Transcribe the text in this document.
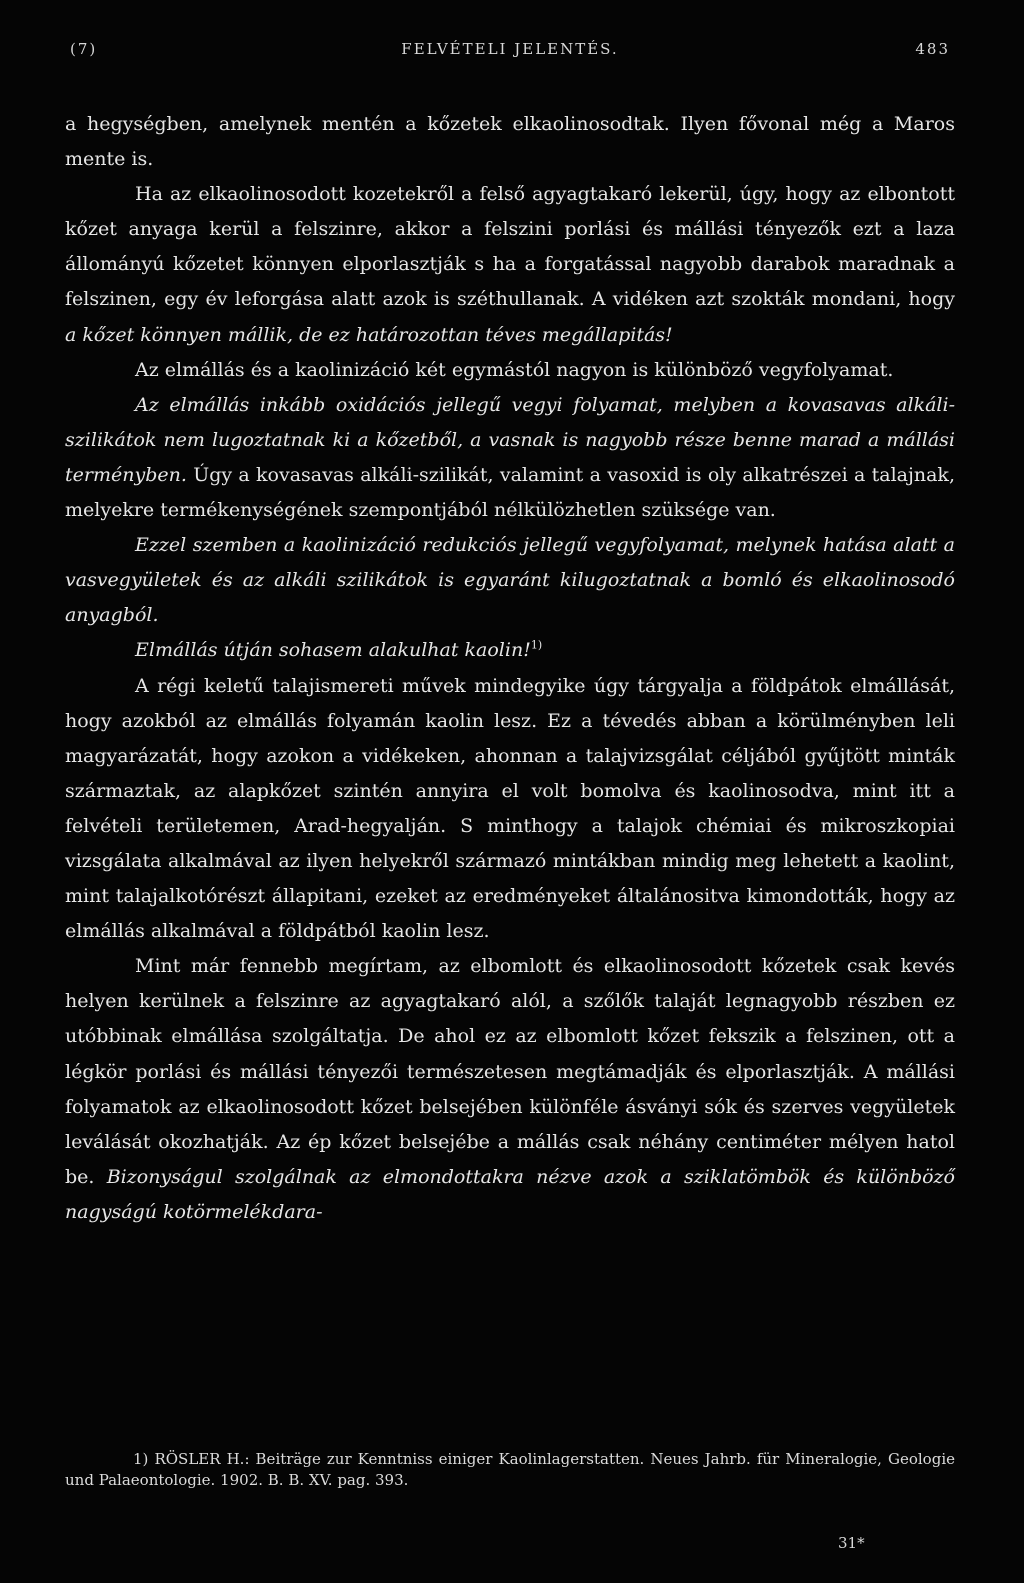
(7)	FELVÉTELI JELENTÉS.	483

a hegységben, amelynek mentén a kőzetek elkaolinosodtak. Ilyen fővonal még a Maros mente is.

Ha az elkaolinosodott kozetekről a felső agyagtakaró lekerül, úgy, hogy az elbontott kőzet anyaga kerül a felszinre, akkor a felszini porlási és mállási tényezők ezt a laza állományú kőzetet könnyen elporlasztják s ha a forgatással nagyobb darabok maradnak a felszinen, egy év leforgása alatt azok is széthullanak. A vidéken azt szokták mondani, hogy a kőzet könnyen mállik, de ez határozottan téves megállapitás!

Az elmállás és a kaolinizáció két egymástól nagyon is különböző vegyfolyamat.

Az elmállás inkább oxidációs jellegű vegyi folyamat, melyben a kovasavas alkáli-szilikátok nem lugoztatnak ki a kőzetből, a vasnak is nagyobb része benne marad a mállási terményben. Úgy a kovasavas alkáli-szilikát, valamint a vasoxid is oly alkatrészei a talajnak, melyekre termékenységének szempontjából nélkülözhetlen szüksége van.

Ezzel szemben a kaolinizáció redukciós jellegű vegyfolyamat, melynek hatása alatt a vasvegyületek és az alkáli szilikátok is egyaránt kilugoztatnak a bomló és elkaolinosodó anyagból.

Elmállás útján sohasem alakulhat kaolin!$^{1)}$

A régi keletű talajismereti művek mindegyike úgy tárgyalja a földpátok elmállását, hogy azokból az elmállás folyamán kaolin lesz. Ez a tévedés abban a körülményben leli magyarázatát, hogy azokon a vidékeken, ahonnan a talajvizsgálat céljából gyűjtött minták származtak, az alapkőzet szintén annyira el volt bomolva és kaolinosodva, mint itt a felvételi területemen, Arad-hegyalján. S minthogy a talajok chémiai és mikroszkopiai vizsgálata alkalmával az ilyen helyekről származó mintákban mindig meg lehetett a kaolint, mint talajalkotórészt állapitani, ezeket az eredményeket általánositva kimondották, hogy az elmállás alkalmával a földpátból kaolin lesz.

Mint már fennebb megírtam, az elbomlott és elkaolinosodott kőzetek csak kevés helyen kerülnek a felszinre az agyagtakaró alól, a szőlők talaját legnagyobb részben ez utóbbinak elmállása szolgáltatja. De ahol ez az elbomlott kőzet fekszik a felszinen, ott a légkör porlási és mállási tényezői természetesen megtámadják és elporlasztják. A mállási folyamatok az elkaolinosodott kőzet belsejében különféle ásványi sók és szerves vegyületek leválását okozhatják. Az ép kőzet belsejébe a mállás csak néhány centiméter mélyen hatol be. Bizonyságul szolgálnak az elmondottakra nézve azok a sziklatömbök és különböző nagyságú kotörmelékdara-

1) RÖSLER H.: Beiträge zur Kenntniss einiger Kaolinlagerstatten. Neues Jahrb. für Mineralogie, Geologie und Palaeontologie. 1902. B. B. XV. pag. 393.
31*
